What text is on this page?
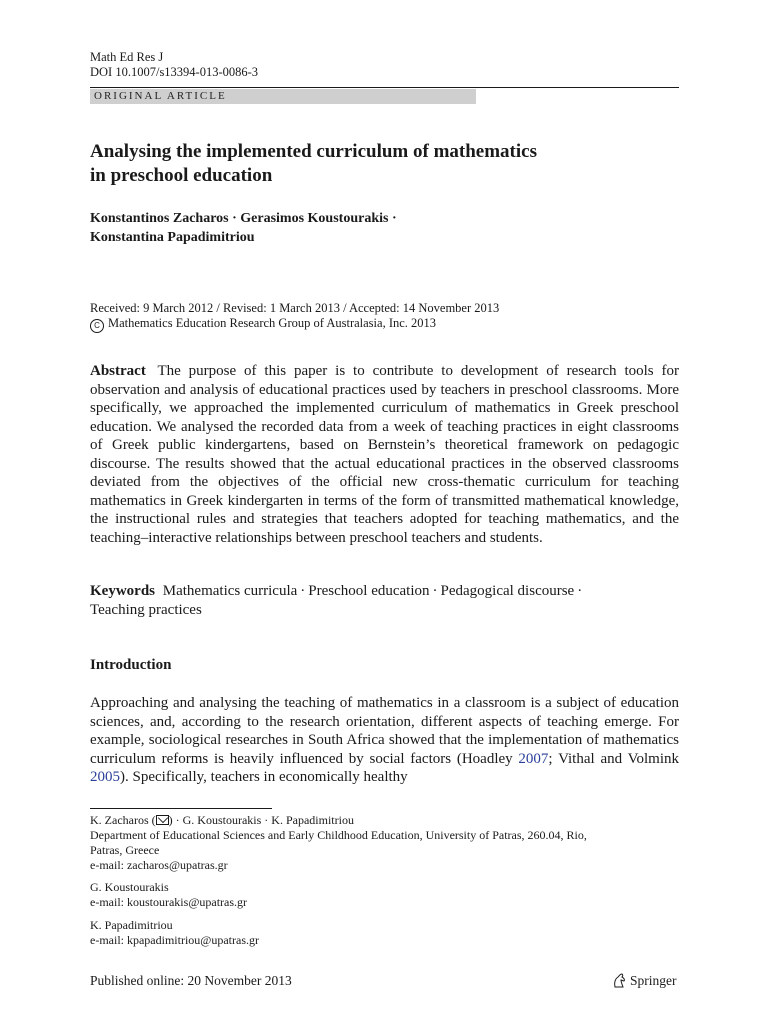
Math Ed Res J
DOI 10.1007/s13394-013-0086-3
ORIGINAL ARTICLE
Analysing the implemented curriculum of mathematics
in preschool education

Konstantinos Zacharos · Gerasimos Koustourakis ·
Konstantina Papadimitriou

Received: 9 March 2012 / Revised: 1 March 2013 / Accepted: 14 November 2013
C Mathematics Education Research Group of Australasia, Inc. 2013

Abstract The purpose of this paper is to contribute to development of research tools for observation and analysis of educational practices used by teachers in preschool classrooms. More specifically, we approached the implemented curriculum of mathematics in Greek preschool education. We analysed the recorded data from a week of teaching practices in eight classrooms of Greek public kindergartens, based on Bernstein’s theoretical framework on pedagogic discourse. The results showed that the actual educational practices in the observed classrooms deviated from the objectives of the official new cross-thematic curriculum for teaching mathematics in Greek kindergarten in terms of the form of transmitted mathematical knowledge, the instructional rules and strategies that teachers adopted for teaching mathematics, and the teaching–interactive relationships between preschool teachers and students.

Keywords Mathematics curricula · Preschool education · Pedagogical discourse ·
Teaching practices

Introduction

Approaching and analysing the teaching of mathematics in a classroom is a subject of education sciences, and, according to the research orientation, different aspects of teaching emerge. For example, sociological researches in South Africa showed that the implementation of mathematics curriculum reforms is heavily influenced by social factors (Hoadley 2007; Vithal and Volmink 2005). Specifically, teachers in economically healthy

K. Zacharos ( ) · G. Koustourakis · K. Papadimitriou
Department of Educational Sciences and Early Childhood Education, University of Patras, 260.04, Rio,
Patras, Greece
e-mail: zacharos@upatras.gr
G. Koustourakis
e-mail: koustourakis@upatras.gr
K. Papadimitriou
e-mail: kpapadimitriou@upatras.gr
Published online: 20 November 2013	Springer
